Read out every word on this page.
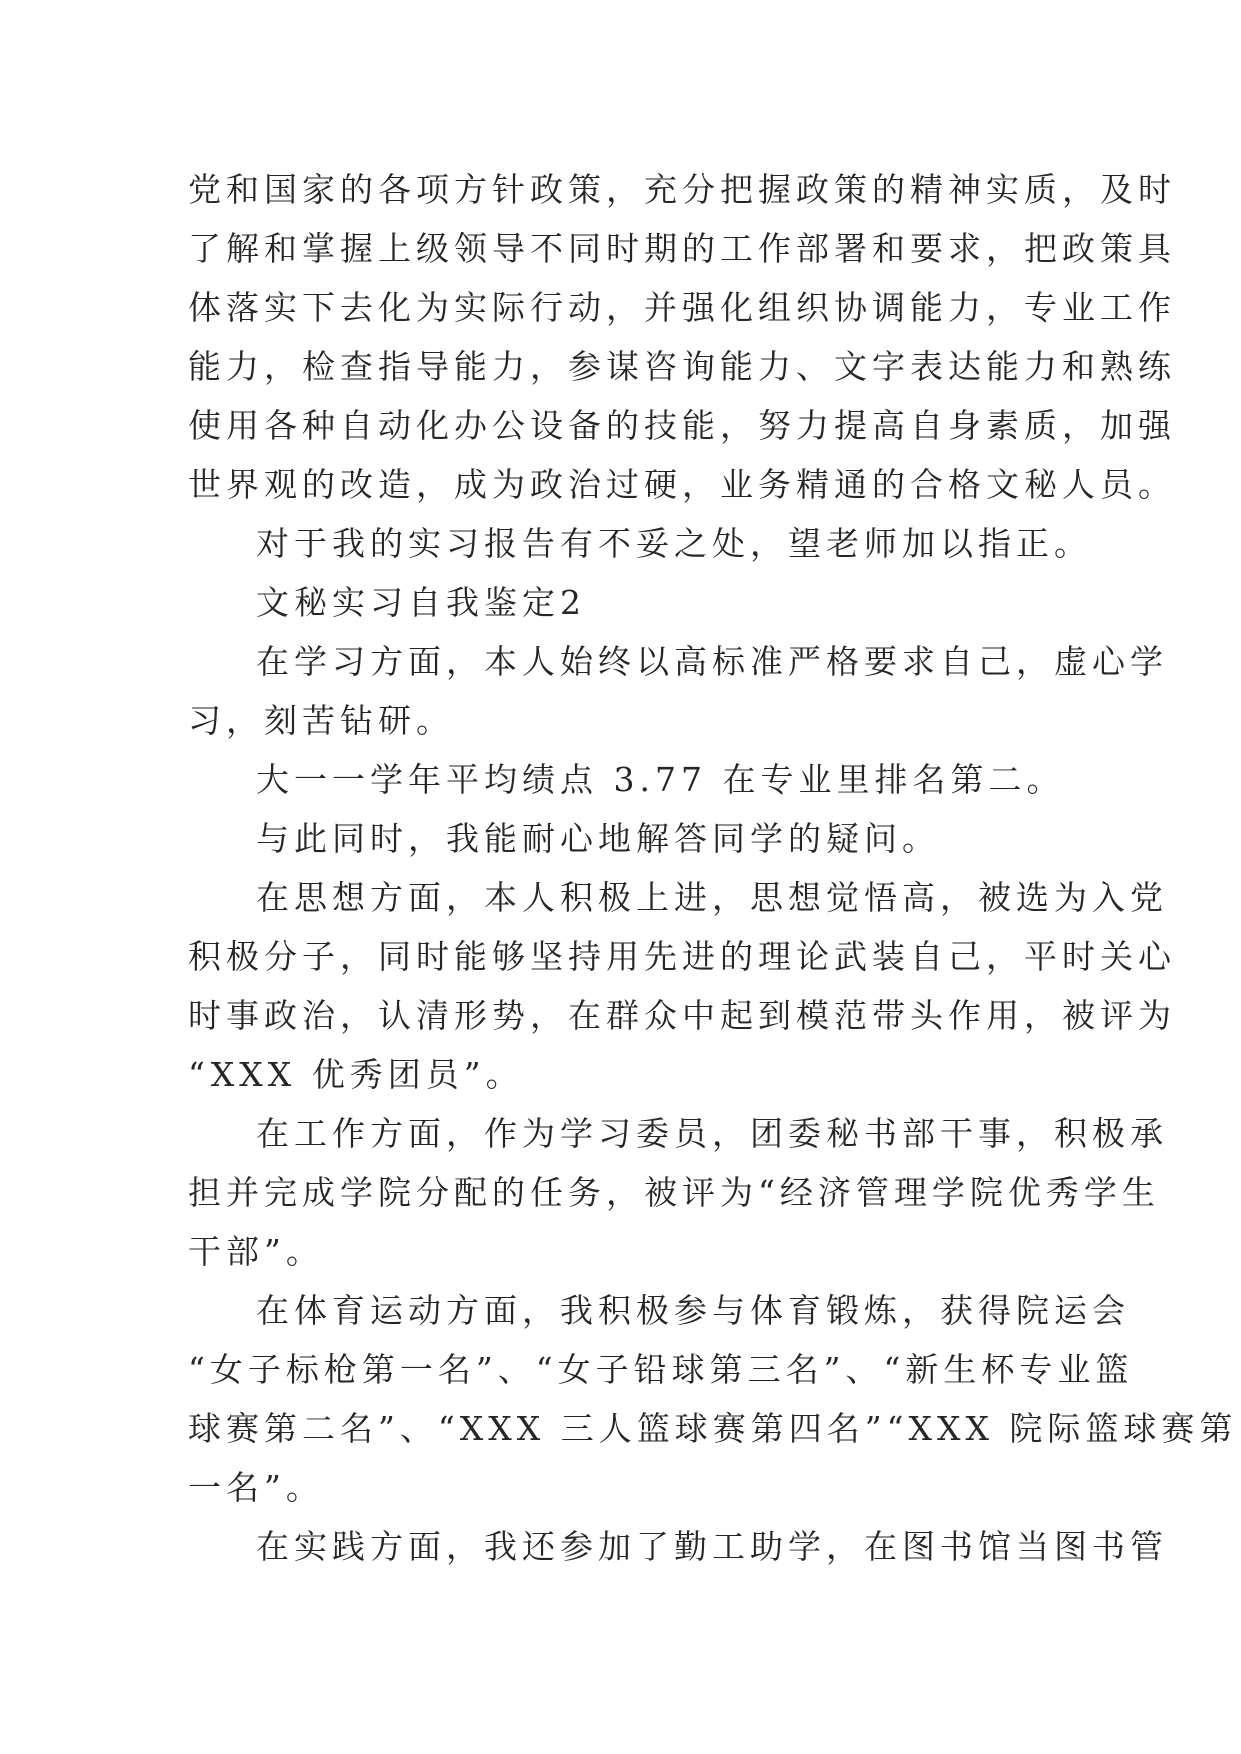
党和国家的各项方针政策，充分把握政策的精神实质，及时
了解和掌握上级领导不同时期的工作部署和要求，把政策具
体落实下去化为实际行动，并强化组织协调能力，专业工作
能力，检查指导能力，参谋咨询能力、文字表达能力和熟练
使用各种自动化办公设备的技能，努力提高自身素质，加强
世界观的改造，成为政治过硬，业务精通的合格文秘人员。
对于我的实习报告有不妥之处，望老师加以指正。
文秘实习自我鉴定2
在学习方面，本人始终以高标准严格要求自己，虚心学
习，刻苦钻研。
大一一学年平均绩点 3.77 在专业里排名第二。
与此同时，我能耐心地解答同学的疑问。
在思想方面，本人积极上进，思想觉悟高，被选为入党
积极分子，同时能够坚持用先进的理论武装自己，平时关心
时事政治，认清形势，在群众中起到模范带头作用，被评为
“XXX 优秀团员”。
在工作方面，作为学习委员，团委秘书部干事，积极承
担并完成学院分配的任务，被评为“经济管理学院优秀学生
干部”。
在体育运动方面，我积极参与体育锻炼，获得院运会
“女子标枪第一名”、“女子铅球第三名”、“新生杯专业篮
球赛第二名”、“XXX 三人篮球赛第四名”“XXX 院际篮球赛第
一名”。
在实践方面，我还参加了勤工助学，在图书馆当图书管
